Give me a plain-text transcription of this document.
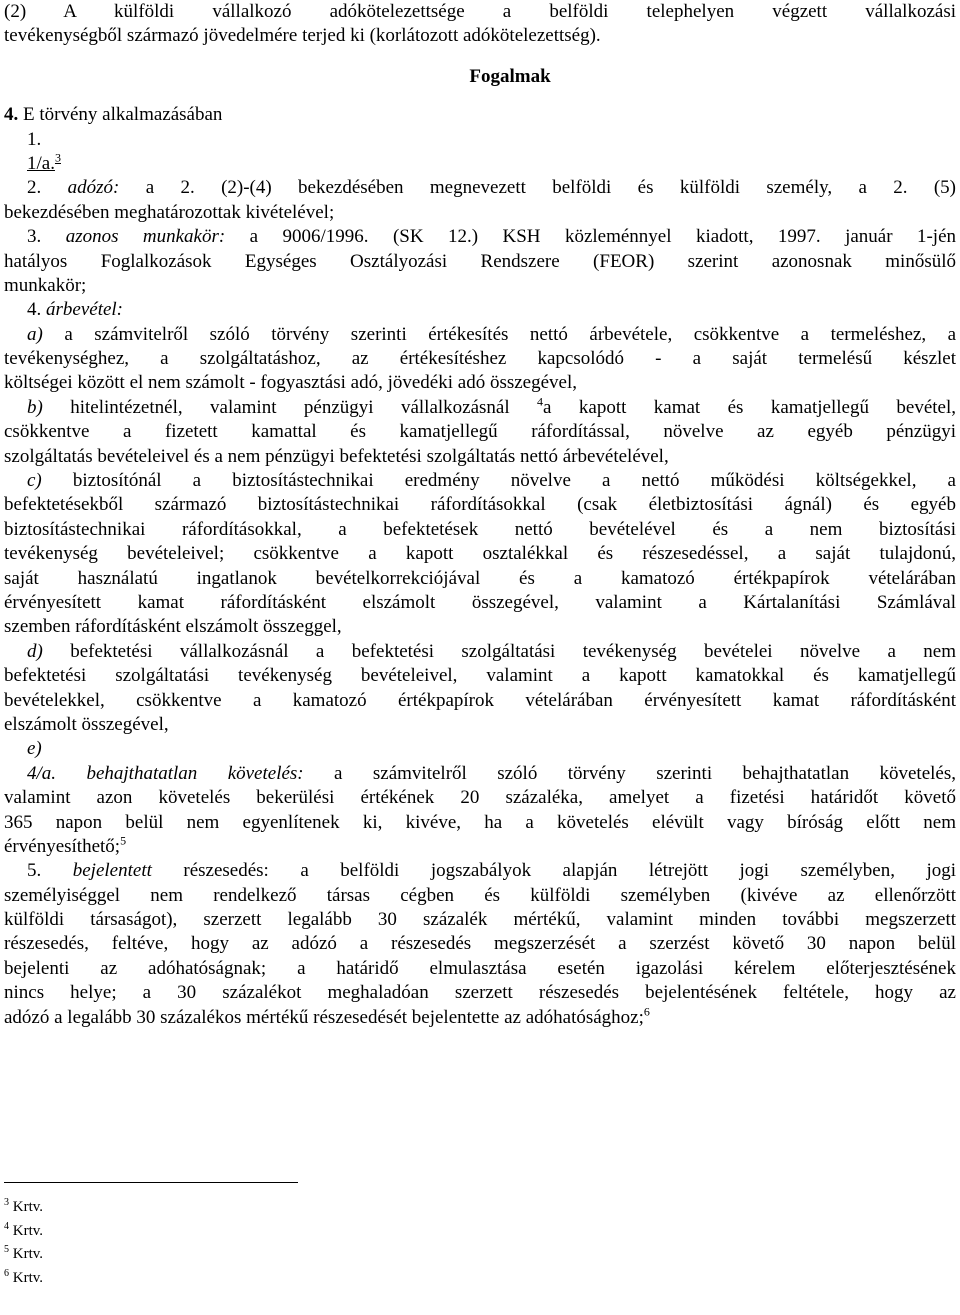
(2) A külföldi vállalkozó adókötelezettsége a belföldi telephelyen végzett vállalkozási
tevékenységből származó jövedelmére terjed ki (korlátozott adókötelezettség).
Fogalmak
4. E törvény alkalmazásában
1.
1/a.$^3$
2. adózó: a 2. (2)-(4) bekezdésében megnevezett belföldi és külföldi személy, a 2. (5)
bekezdésében meghatározottak kivételével;
3. azonos munkakör: a 9006/1996. (SK 12.) KSH közleménnyel kiadott, 1997. január 1-jén
hatályos Foglalkozások Egységes Osztályozási Rendszere (FEOR) szerint azonosnak minősülő
munkakör;
4. árbevétel:
a) a számvitelről szóló törvény szerinti értékesítés nettó árbevétele, csökkentve a termeléshez, a
tevékenységhez, a szolgáltatáshoz, az értékesítéshez kapcsolódó - a saját termelésű készlet
költségei között el nem számolt - fogyasztási adó, jövedéki adó összegével,
b) hitelintézetnél, valamint pénzügyi vállalkozásnál $^4$a kapott kamat és kamatjellegű bevétel,
csökkentve a fizetett kamattal és kamatjellegű ráfordítással, növelve az egyéb pénzügyi
szolgáltatás bevételeivel és a nem pénzügyi befektetési szolgáltatás nettó árbevételével,
c) biztosítónál a biztosítástechnikai eredmény növelve a nettó működési költségekkel, a
befektetésekből származó biztosítástechnikai ráfordításokkal (csak életbiztosítási ágnál) és egyéb
biztosítástechnikai ráfordításokkal, a befektetések nettó bevételével és a nem biztosítási
tevékenység bevételeivel; csökkentve a kapott osztalékkal és részesedéssel, a saját tulajdonú,
saját használatú ingatlanok bevételkorrekciójával és a kamatozó értékpapírok vételárában
érvényesített kamat ráfordításként elszámolt összegével, valamint a Kártalanítási Számlával
szemben ráfordításként elszámolt összeggel,
d) befektetési vállalkozásnál a befektetési szolgáltatási tevékenység bevételei növelve a nem
befektetési szolgáltatási tevékenység bevételeivel, valamint a kapott kamatokkal és kamatjellegű
bevételekkel, csökkentve a kamatozó értékpapírok vételárában érvényesített kamat ráfordításként
elszámolt összegével,
e)
4/a. behajthatatlan követelés: a számvitelről szóló törvény szerinti behajthatatlan követelés,
valamint azon követelés bekerülési értékének 20 százaléka, amelyet a fizetési határidőt követő
365 napon belül nem egyenlítenek ki, kivéve, ha a követelés elévült vagy bíróság előtt nem
érvényesíthető;$^5$
5. bejelentett részesedés: a belföldi jogszabályok alapján létrejött jogi személyben, jogi
személyiséggel nem rendelkező társas cégben és külföldi személyben (kivéve az ellenőrzött
külföldi társaságot), szerzett legalább 30 százalék mértékű, valamint minden további megszerzett
részesedés, feltéve, hogy az adózó a részesedés megszerzését a szerzést követő 30 napon belül
bejelenti az adóhatóságnak; a határidő elmulasztása esetén igazolási kérelem előterjesztésének
nincs helye; a 30 százalékot meghaladóan szerzett részesedés bejelentésének feltétele, hogy az
adózó a legalább 30 százalékos mértékű részesedését bejelentette az adóhatósághoz;$^6$
$^3$ Krtv.
$^4$ Krtv.
$^5$ Krtv.
$^6$ Krtv.
